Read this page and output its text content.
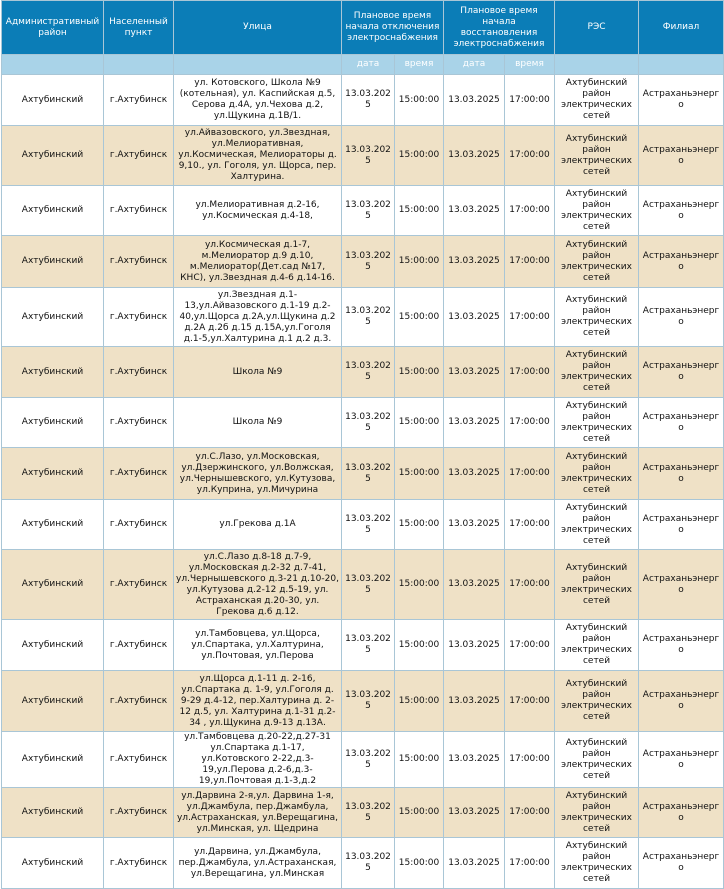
Административный район	Населенный пункт	Улица	Плановое время начала отключения электроснабжения		Плановое время начала восстановления электроснабжения		РЭС	Филиал
			дата	время	дата	время		
Ахтубинский	г.Ахтубинск	ул. Котовского, Школа №9 (котельная), ул. Каспийская д.5, Серова д.4А, ул.Чехова д.2, ул.Щукина д.1В/1.	13.03.2025	15:00:00	13.03.2025	17:00:00	Ахтубинский район электрических сетей	Астраханьэнерго
Ахтубинский	г.Ахтубинск	ул.Айвазовского, ул.Звездная, ул.Мелиоративная, ул.Космическая, Мелиораторы д. 9,10., ул. Гоголя, ул. Щорса, пер. Халтурина.	13.03.2025	15:00:00	13.03.2025	17:00:00	Ахтубинский район электрических сетей	Астраханьэнерго
Ахтубинский	г.Ахтубинск	ул.Мелиоративная д.2-16, ул.Космическая д.4-18,	13.03.2025	15:00:00	13.03.2025	17:00:00	Ахтубинский район электрических сетей	Астраханьэнерго
Ахтубинский	г.Ахтубинск	ул.Космическая д.1-7, м.Мелиоратор д.9 д.10, м.Мелиоратор(Дет.сад №17, КНС), ул.Звездная д.4-6 д.14-16.	13.03.2025	15:00:00	13.03.2025	17:00:00	Ахтубинский район электрических сетей	Астраханьэнерго
Ахтубинский	г.Ахтубинск	ул.Звездная д.1-13,ул.Айвазовского д.1-19 д.2-40,ул.Щорса д.2А,ул.Щукина д.2 д.2А д.2б д.15 д.15А,ул.Гоголя д.1-5,ул.Халтурина д.1 д.2 д.3.	13.03.2025	15:00:00	13.03.2025	17:00:00	Ахтубинский район электрических сетей	Астраханьэнерго
Ахтубинский	г.Ахтубинск	Школа №9	13.03.2025	15:00:00	13.03.2025	17:00:00	Ахтубинский район электрических сетей	Астраханьэнерго
Ахтубинский	г.Ахтубинск	Школа №9	13.03.2025	15:00:00	13.03.2025	17:00:00	Ахтубинский район электрических сетей	Астраханьэнерго
Ахтубинский	г.Ахтубинск	ул.С.Лазо, ул.Московская, ул.Дзержинского, ул.Волжская, ул.Чернышевского, ул.Кутузова, ул.Куприна, ул.Мичурина	13.03.2025	15:00:00	13.03.2025	17:00:00	Ахтубинский район электрических сетей	Астраханьэнерго
Ахтубинский	г.Ахтубинск	ул.Грекова д.1А	13.03.2025	15:00:00	13.03.2025	17:00:00	Ахтубинский район электрических сетей	Астраханьэнерго
Ахтубинский	г.Ахтубинск	ул.С.Лазо д.8-18 д.7-9, ул.Московская д.2-32 д.7-41, ул.Чернышевского д.3-21 д.10-20, ул.Кутузова д.2-12 д.5-19, ул. Астраханская д.20-30, ул. Грекова д.6 д.12.	13.03.2025	15:00:00	13.03.2025	17:00:00	Ахтубинский район электрических сетей	Астраханьэнерго
Ахтубинский	г.Ахтубинск	ул.Тамбовцева, ул.Щорса, ул.Спартака, ул.Халтурина, ул.Почтовая, ул.Перова	13.03.2025	15:00:00	13.03.2025	17:00:00	Ахтубинский район электрических сетей	Астраханьэнерго
Ахтубинский	г.Ахтубинск	ул.Щорса д.1-11 д. 2-16, ул.Спартака д. 1-9, ул.Гоголя д. 9-29 д.4-12, пер.Халтурина д. 2-12 д.5, ул. Халтурина д.1-31 д.2-34 , ул.Щукина д.9-13 д.13А.	13.03.2025	15:00:00	13.03.2025	17:00:00	Ахтубинский район электрических сетей	Астраханьэнерго
Ахтубинский	г.Ахтубинск	ул.Тамбовцева д.20-22,д.27-31 ул.Спартака д.1-17, ул.Котовского 2-22,д.3-19,ул.Перова д.2-6,д.3-19,ул.Почтовая д.1-3,д.2	13.03.2025	15:00:00	13.03.2025	17:00:00	Ахтубинский район электрических сетей	Астраханьэнерго
Ахтубинский	г.Ахтубинск	ул.Дарвина 2-я,ул. Дарвина 1-я, ул.Джамбула, пер.Джамбула, ул.Астраханская, ул.Верещагина, ул.Минская, ул. Щедрина	13.03.2025	15:00:00	13.03.2025	17:00:00	Ахтубинский район электрических сетей	Астраханьэнерго
Ахтубинский	г.Ахтубинск	ул.Дарвина, ул.Джамбула, пер.Джамбула, ул.Астраханская, ул.Верещагина, ул.Минская	13.03.2025	15:00:00	13.03.2025	17:00:00	Ахтубинский район электрических сетей	Астраханьэнерго
